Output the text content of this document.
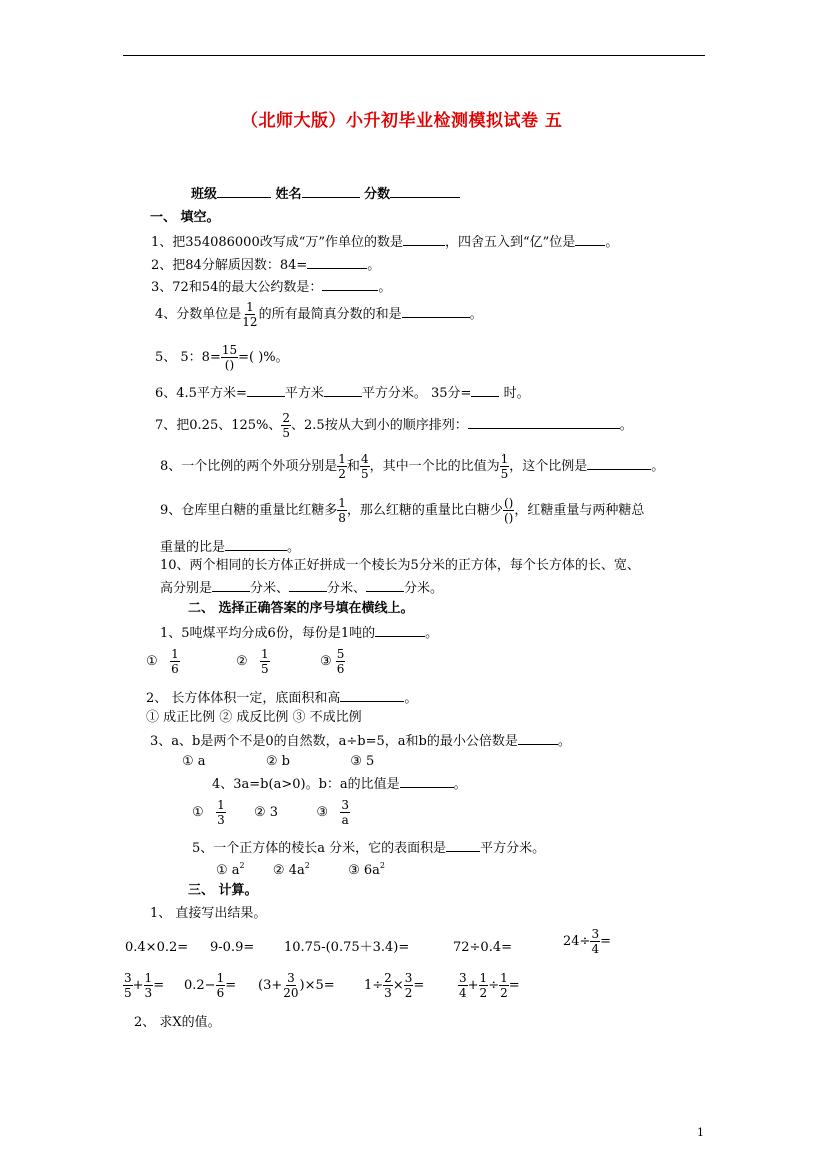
（北师大版）小升初毕业检测模拟试卷 五
班级	姓名	分数
一、 填空。
1、把354086000改写成“万”作单位的数是	，四舍五入到“亿”位是 。
2、把84分解质因数：84=	。
3、72和54的最大公约数是：	。
4、分数单位是 $\frac{1}{12}$ 的所有最简真分数的和是	。
5、 5：$8= \frac{15}{()}$ =( )%。
6、4.5平方米=	平方米	平方分米。 35分= 时。
7、把0.25、125%、 $\frac{2}{5}$ 、2.5按从大到小的顺序排列：	。
8、一个比例的两个外项分别是 $\frac{1}{2}$ 和 $\frac{4}{5}$ ，其中一个比的比值为 $\frac{1}{5}$ ，这个比例是	。
9、仓库里白糖的重量比红糖多 $\frac{1}{8}$ ，那么红糖的重量比白糖少 $\frac{()}{()}$ ，红糖重量与两种糖总
重量的比是	。
10、两个相同的长方体正好拼成一个棱长为5分米的正方体，每个长方体的长、宽、
高分别是	分米、	分米、	分米。
二、 选择正确答案的序号填在横线上。
1、5吨煤平均分成6份，每份是1吨的	。
① $\frac{1}{6}$	② $\frac{1}{5}$	③ $\frac{5}{6}$
2、 长方体体积一定，底面积和高	。
① 成正比例 ② 成反比例 ③ 不成比例
3、a、b是两个不是0的自然数，a÷b=5，a和b的最小公倍数是	。
① a	② b	③ 5
4、3a=b(a>0)。b：a的比值是	。
① $\frac{1}{3}$ ② 3	③ $\frac{3}{a}$
5、一个正方体的棱长a 分米，它的表面积是	平方分米。
① $a^2$ ② $4a^2$	③ $6a^2$
三、 计算。
1、 直接写出结果。
0.4×0.2= 9-0.9= 10.75-(0.75＋3.4)=	72÷0.4=	$24\div \frac{3}{4}$ =
$\frac{3}{5} + \frac{1}{3} = 0.2- \frac{1}{6} = (3+ \frac{3}{20} )\times 5= 1\div \frac{2}{3} \times \frac{3}{2}$ =	$\frac{3}{4} + \frac{1}{2} \div \frac{1}{2}$ =
2、 求X的值。
1
